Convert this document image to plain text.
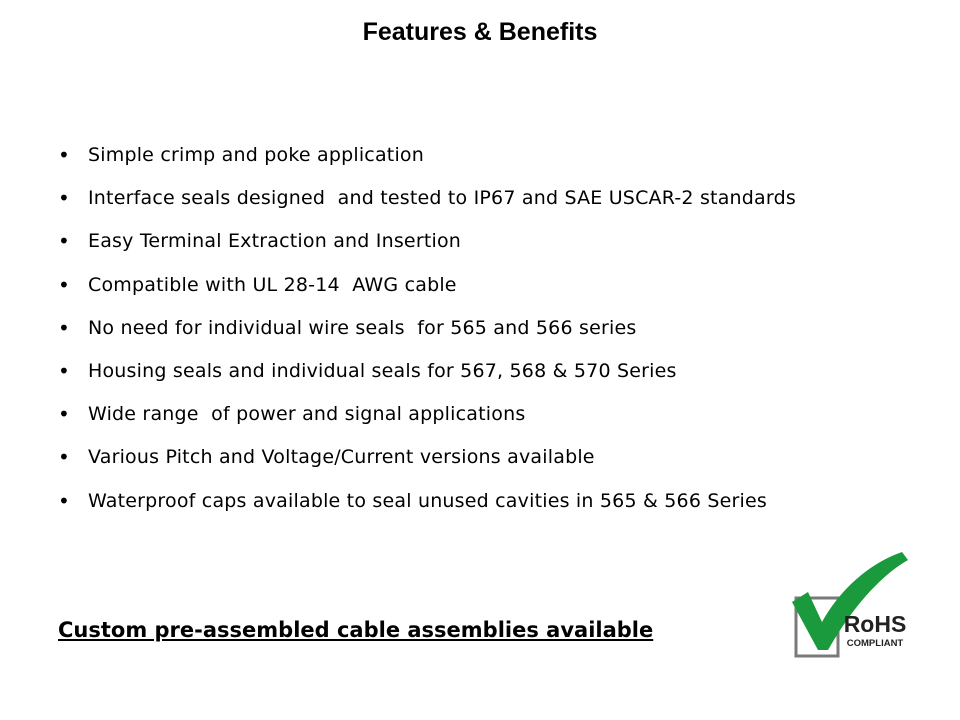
Features & Benefits
• Simple crimp and poke application
• Interface seals designed  and tested to IP67 and SAE USCAR-2 standards
• Easy Terminal Extraction and Insertion
• Compatible with UL 28-14  AWG cable
• No need for individual wire seals  for 565 and 566 series
• Housing seals and individual seals for 567, 568 & 570 Series
• Wide range  of power and signal applications
• Various Pitch and Voltage/Current versions available
• Waterproof caps available to seal unused cavities in 565 & 566 Series
Custom pre-assembled cable assemblies available	RoHS
COMPLIANT
